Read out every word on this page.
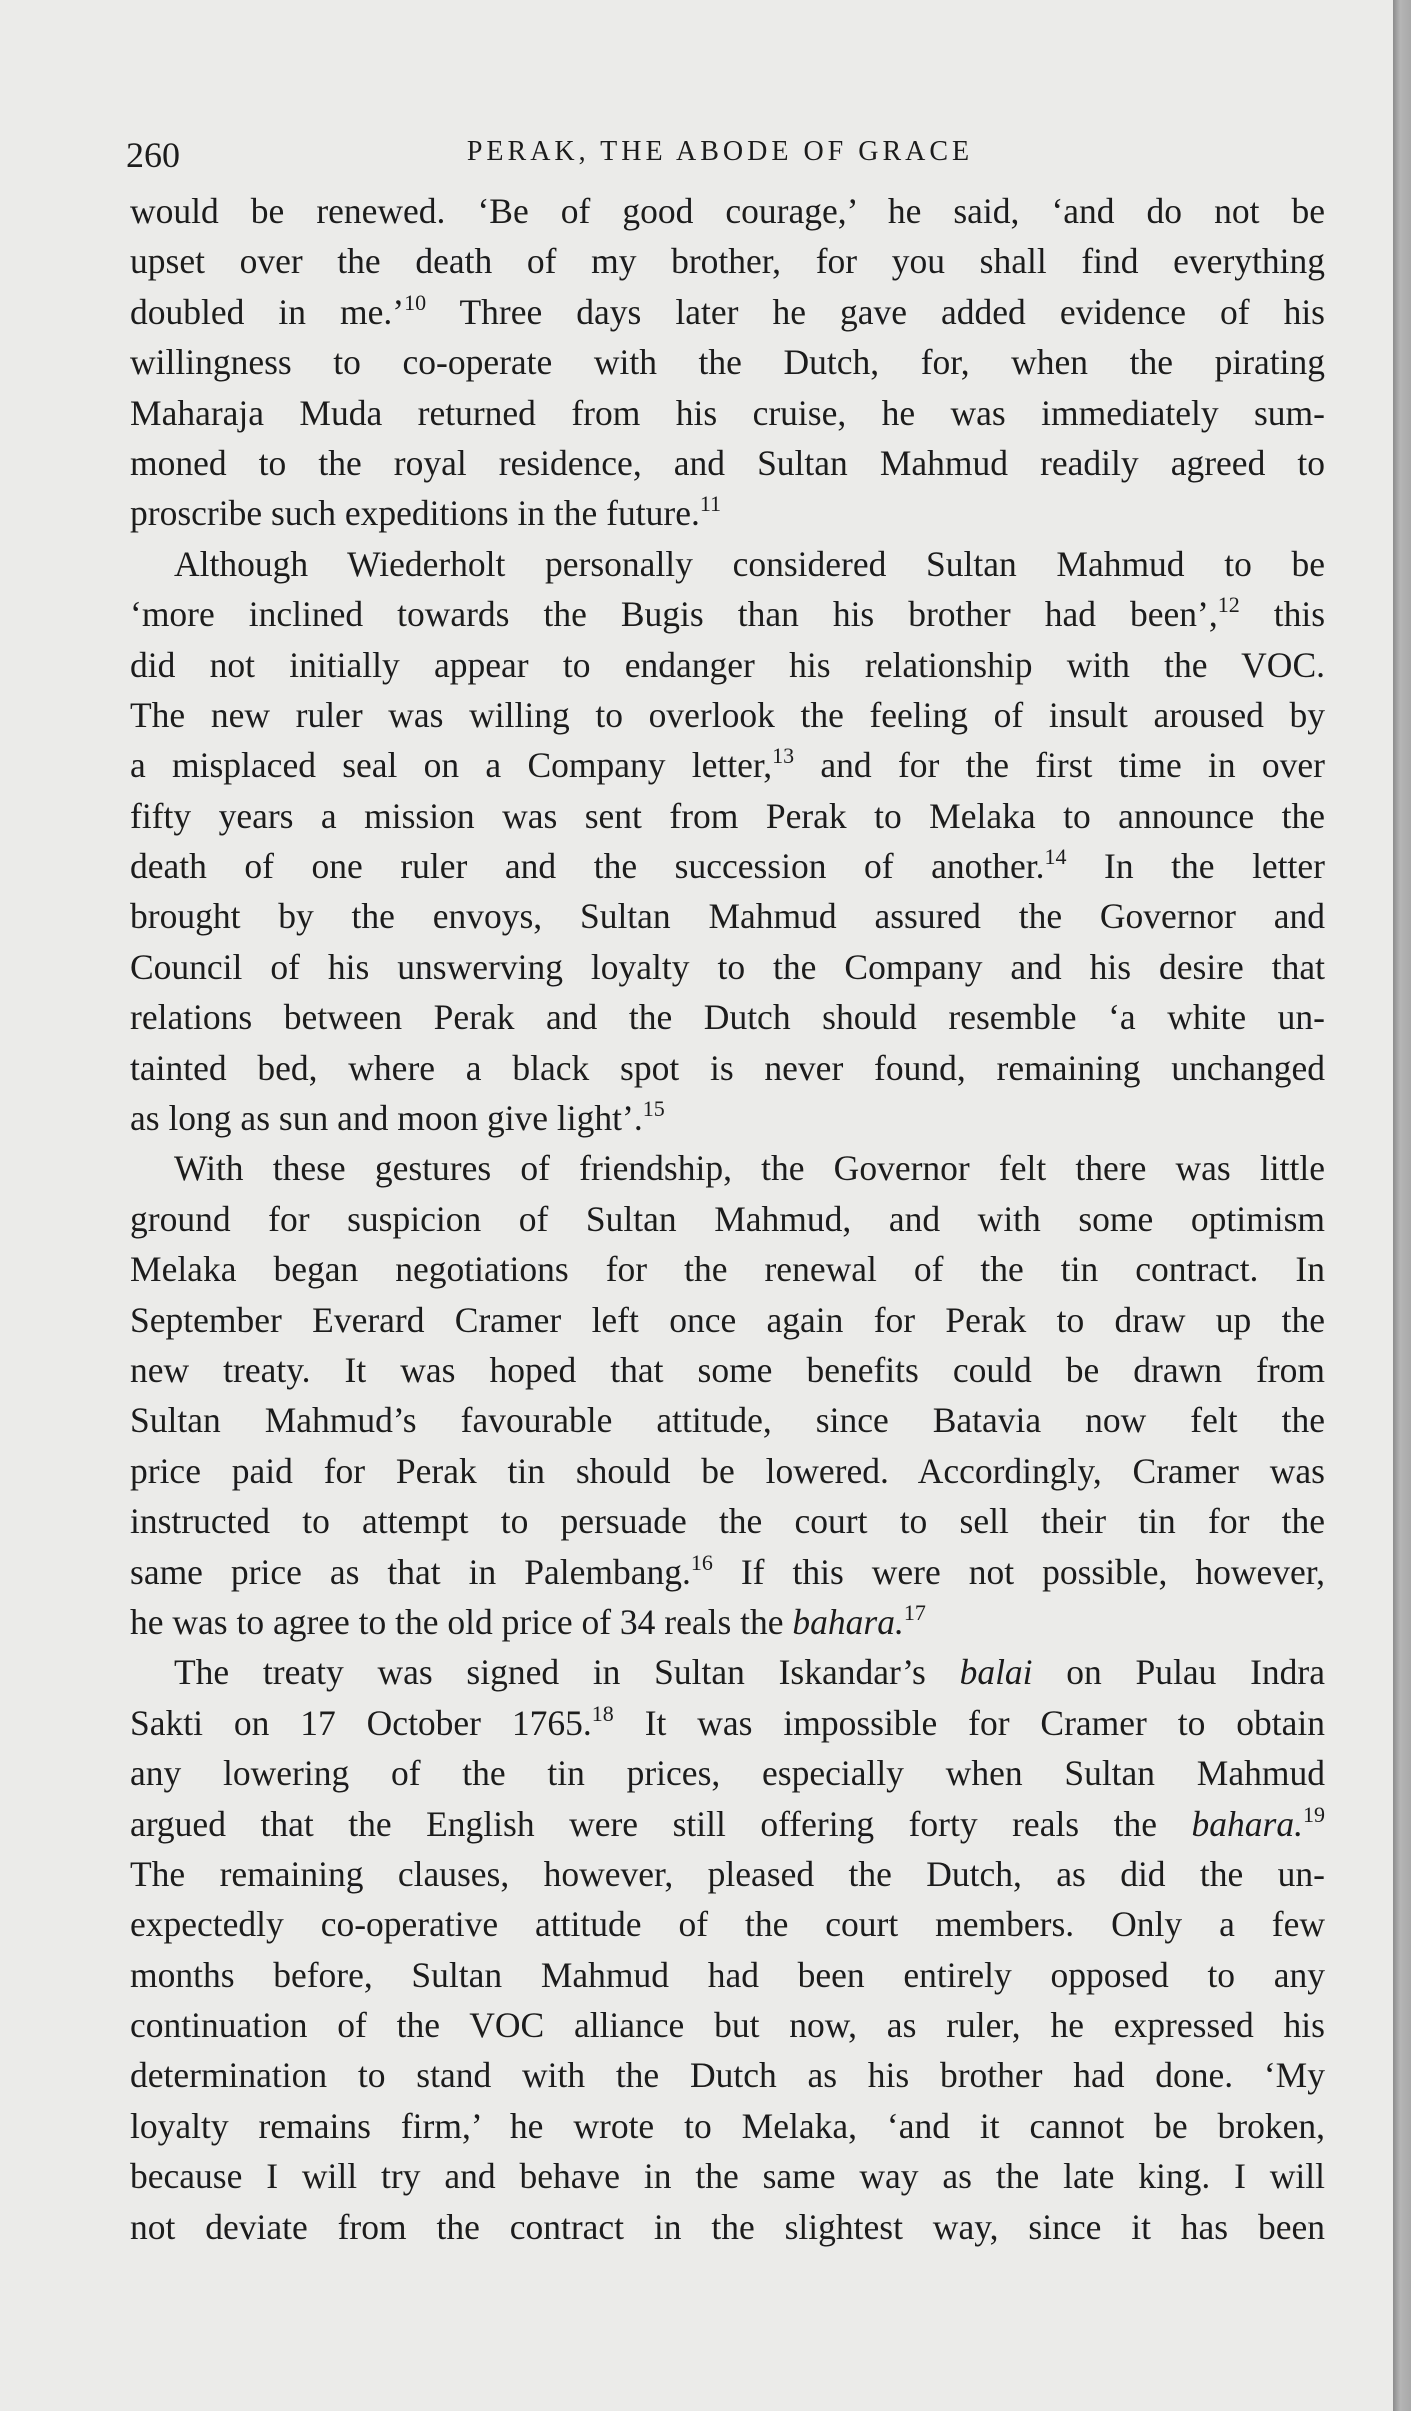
260	PERAK, THE ABODE OF GRACE
would be renewed. ‘Be of good courage,’ he said, ‘and do not be
upset over the death of my brother, for you shall find everything
doubled in me.’$^{10}$ Three days later he gave added evidence of his
willingness to co-operate with the Dutch, for, when the pirating
Maharaja Muda returned from his cruise, he was immediately sum-
moned to the royal residence, and Sultan Mahmud readily agreed to
proscribe such expeditions in the future.$^{11}$
Although Wiederholt personally considered Sultan Mahmud to be
‘more inclined towards the Bugis than his brother had been’,$^{12}$ this
did not initially appear to endanger his relationship with the VOC.
The new ruler was willing to overlook the feeling of insult aroused by
a misplaced seal on a Company letter,$^{13}$ and for the first time in over
fifty years a mission was sent from Perak to Melaka to announce the
death of one ruler and the succession of another.$^{14}$ In the letter
brought by the envoys, Sultan Mahmud assured the Governor and
Council of his unswerving loyalty to the Company and his desire that
relations between Perak and the Dutch should resemble ‘a white un-
tainted bed, where a black spot is never found, remaining unchanged
as long as sun and moon give light’.$^{15}$
With these gestures of friendship, the Governor felt there was little
ground for suspicion of Sultan Mahmud, and with some optimism
Melaka began negotiations for the renewal of the tin contract. In
September Everard Cramer left once again for Perak to draw up the
new treaty. It was hoped that some benefits could be drawn from
Sultan Mahmud’s favourable attitude, since Batavia now felt the
price paid for Perak tin should be lowered. Accordingly, Cramer was
instructed to attempt to persuade the court to sell their tin for the
same price as that in Palembang.$^{16}$ If this were not possible, however,
he was to agree to the old price of 34 reals the bahara.$^{17}$
The treaty was signed in Sultan Iskandar’s balai on Pulau Indra
Sakti on 17 October 1765.18 It was impossible for Cramer to obtain
any lowering of the tin prices, especially when Sultan Mahmud
argued that the English were still offering forty reals the bahara.$^{19}$
The remaining clauses, however, pleased the Dutch, as did the un-
expectedly co-operative attitude of the court members. Only a few
months before, Sultan Mahmud had been entirely opposed to any
continuation of the VOC alliance but now, as ruler, he expressed his
determination to stand with the Dutch as his brother had done. ‘My
loyalty remains firm,’ he wrote to Melaka, ‘and it cannot be broken,
because I will try and behave in the same way as the late king. I will
not deviate from the contract in the slightest way, since it has been
